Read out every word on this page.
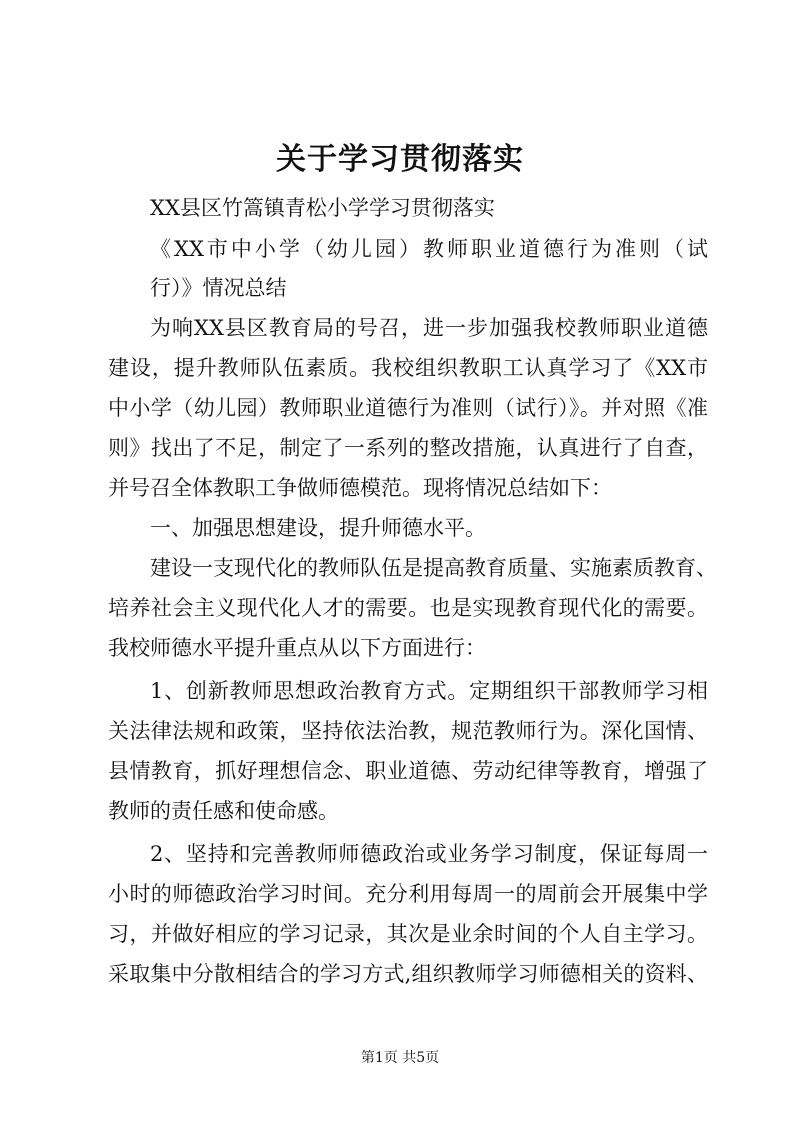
关于学习贯彻落实
XX县区竹篙镇青松小学学习贯彻落实
《XX市中小学（幼儿园）教师职业道德行为准则（试
行）》情况总结
为响XX县区教育局的号召，进一步加强我校教师职业道德
建设，提升教师队伍素质。我校组织教职工认真学习了《XX市
中小学（幼儿园）教师职业道德行为准则（试行）》。并对照《准
则》找出了不足，制定了一系列的整改措施，认真进行了自查，
并号召全体教职工争做师德模范。现将情况总结如下：
一、加强思想建设，提升师德水平。
建设一支现代化的教师队伍是提高教育质量、实施素质教育、
培养社会主义现代化人才的需要。也是实现教育现代化的需要。
我校师德水平提升重点从以下方面进行：
1、创新教师思想政治教育方式。定期组织干部教师学习相
关法律法规和政策，坚持依法治教，规范教师行为。深化国情、
县情教育，抓好理想信念、职业道德、劳动纪律等教育，增强了
教师的责任感和使命感。
2、坚持和完善教师师德政治或业务学习制度，保证每周一
小时的师德政治学习时间。充分利用每周一的周前会开展集中学
习，并做好相应的学习记录，其次是业余时间的个人自主学习。
采取集中分散相结合的学习方式,组织教师学习师德相关的资料、
第1页 共5页
